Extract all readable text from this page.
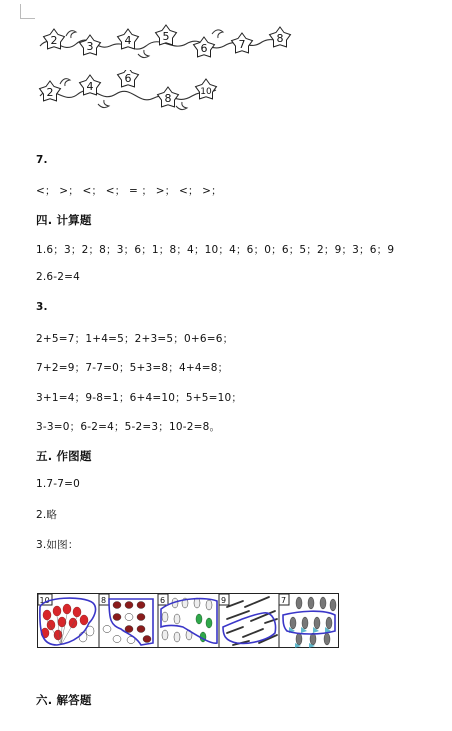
2	3	4	5
6	7	8
2	4
6
8	10
7.
<； >； <； <； = ； >； <； >；
四. 计算题
1.6；3；2；8；3；6；1；8；4；10；4；6；0；6；5；2；9；3；6；9
2.6-2=4
3.
2+5=7；1+4=5；2+3=5；0+6=6；
7+2=9；7-7=0；5+3=8；4+4=8；
3+1=4；9-8=1；6+4=10；5+5=10；
3-3=0；6-2=4；5-2=3；10-2=8。
五. 作图题
1.7-7=0
2.略
3.如图：
10	8	6	9	7
六. 解答题
